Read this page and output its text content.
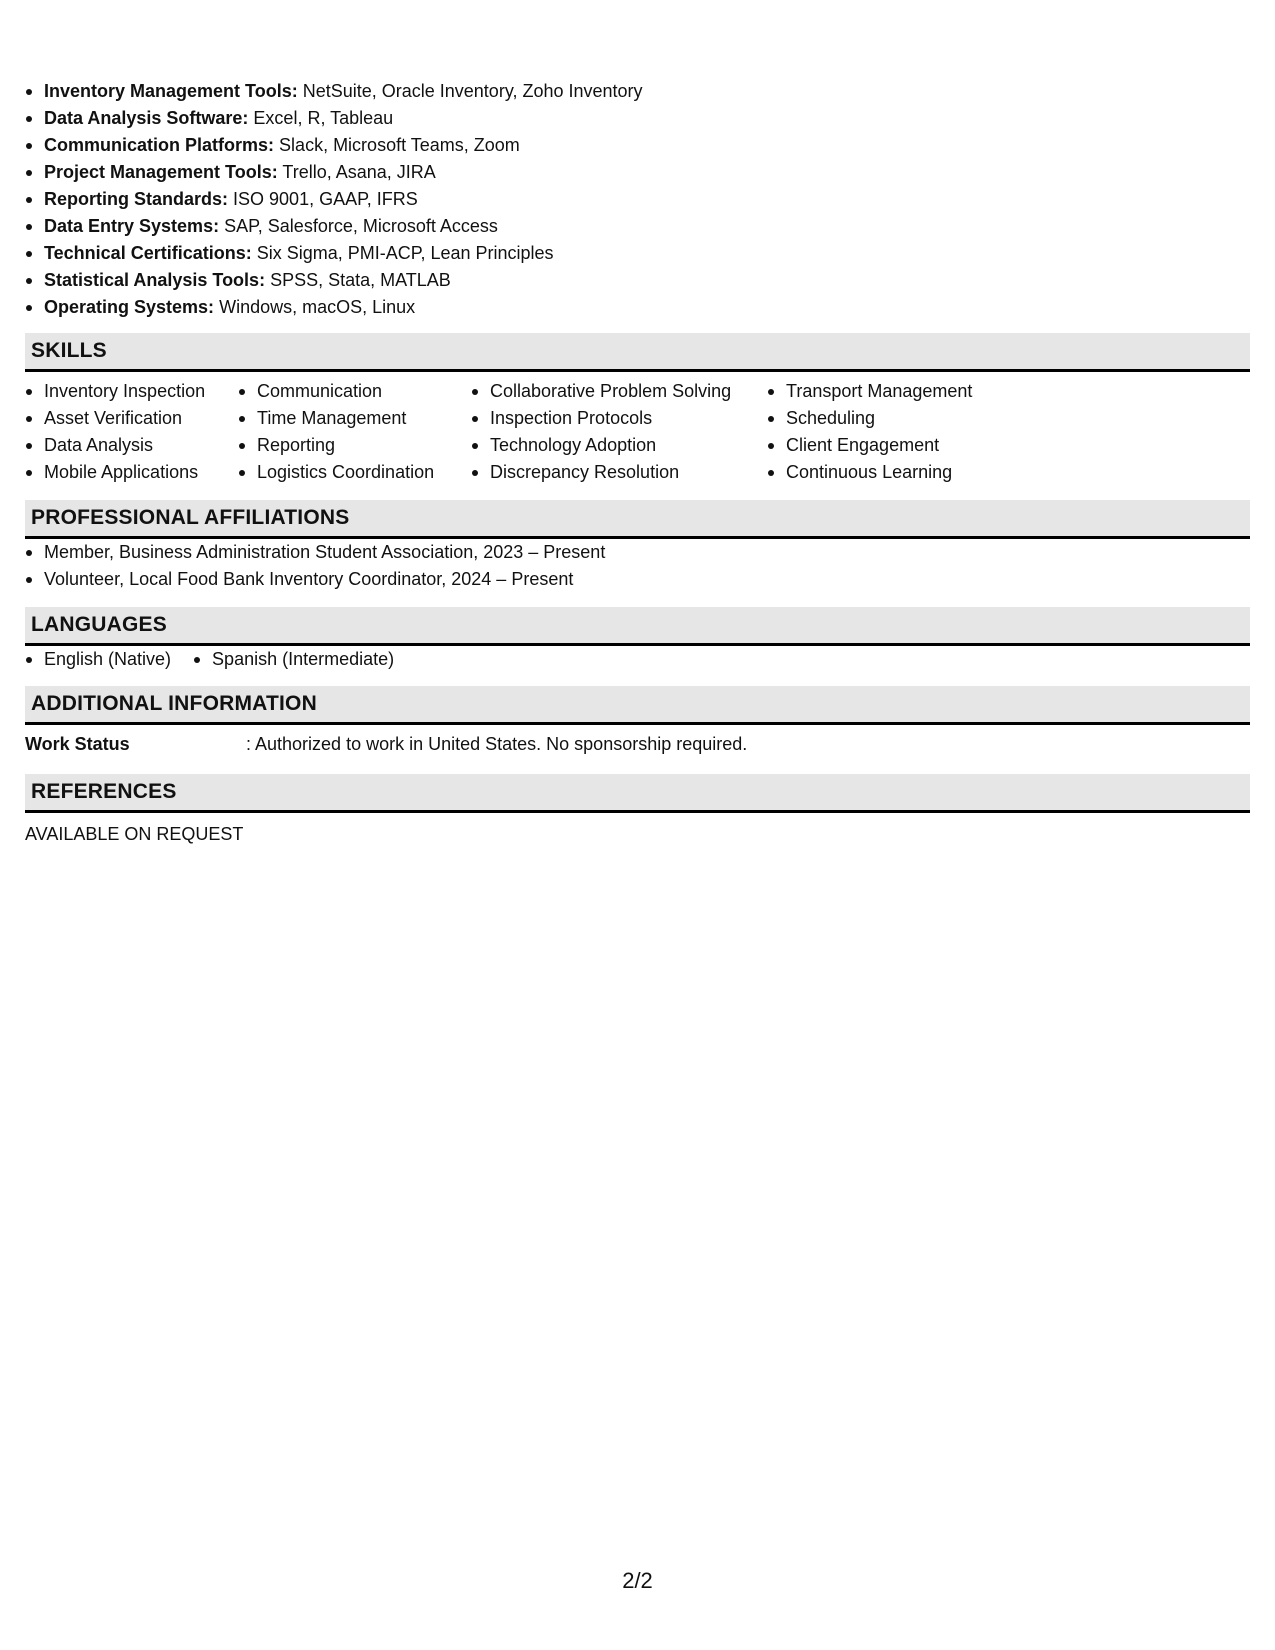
Inventory Management Tools: NetSuite, Oracle Inventory, Zoho Inventory
Data Analysis Software: Excel, R, Tableau
Communication Platforms: Slack, Microsoft Teams, Zoom
Project Management Tools: Trello, Asana, JIRA
Reporting Standards: ISO 9001, GAAP, IFRS
Data Entry Systems: SAP, Salesforce, Microsoft Access
Technical Certifications: Six Sigma, PMI-ACP, Lean Principles
Statistical Analysis Tools: SPSS, Stata, MATLAB
Operating Systems: Windows, macOS, Linux
SKILLS
Inventory Inspection
Asset Verification
Data Analysis
Mobile Applications
Communication
Time Management
Reporting
Logistics Coordination
Collaborative Problem Solving
Inspection Protocols
Technology Adoption
Discrepancy Resolution
Transport Management
Scheduling
Client Engagement
Continuous Learning
PROFESSIONAL AFFILIATIONS
Member, Business Administration Student Association, 2023 – Present
Volunteer, Local Food Bank Inventory Coordinator, 2024 – Present
LANGUAGES
English (Native)	Spanish (Intermediate)
ADDITIONAL INFORMATION
Work Status	: Authorized to work in United States. No sponsorship required.
REFERENCES
AVAILABLE ON REQUEST
2/2
